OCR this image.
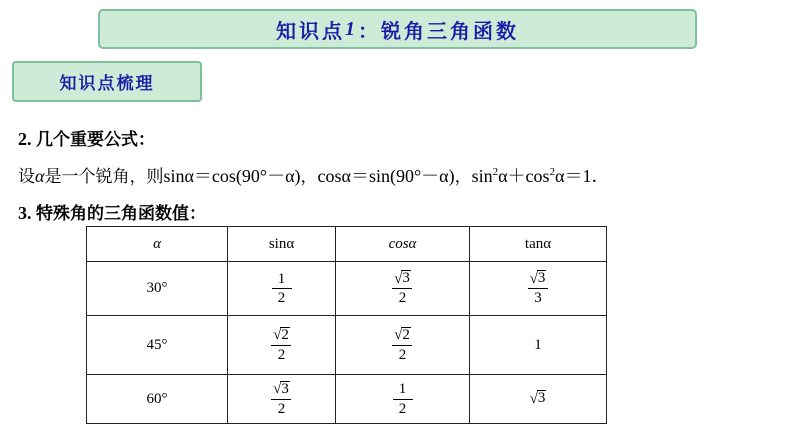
知识点 1 ：锐角三角函数
知识点梳理
2. 几个重要公式：
设α是一个锐角，则sinα＝cos(90°－α)，cosα＝sin(90°－α)，$\sin^2\alpha+\cos^2\alpha=1$．
3. 特殊角的三角函数值：
α	sinα	cosα	tanα
30°	$\frac{1}{2}$	$\frac{√ 3}{2}$	$\frac{√ 3}{3}$

45°	$\frac{√ 2}{2}$	$\frac{√ 2}{2}$	1
60°	$\frac{√ 3}{2}$	$\frac{1}{2}$	√ 3
